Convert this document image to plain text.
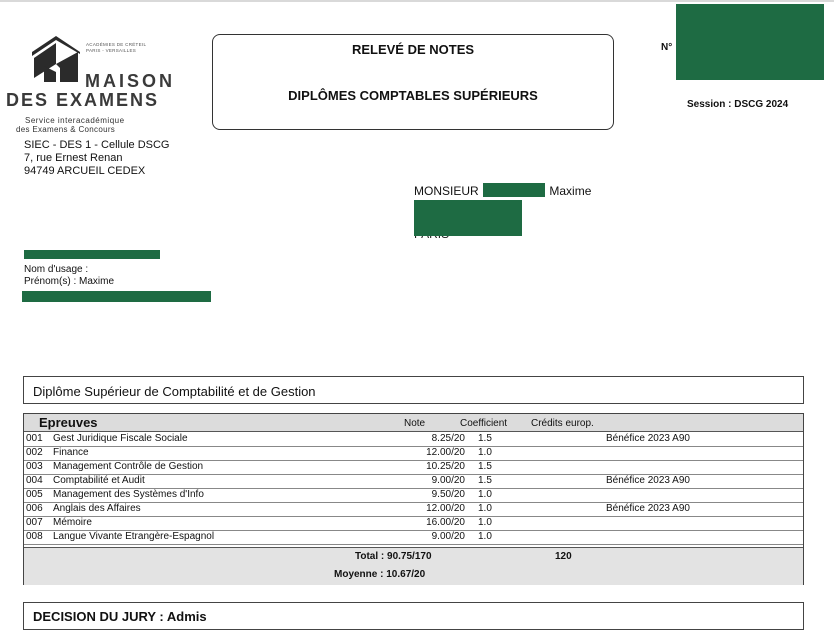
ACADÉMIES DE CRÉTEIL
PARIS - VERSAILLES
MAISON
DES EXAMENS
Service interacadémique
des Examens & Concours
SIEC - DES 1 - Cellule DSCG
7, rue Ernest Renan
94749 ARCUEIL CEDEX
RELEVÉ DE NOTES
DIPLÔMES COMPTABLES SUPÉRIEURS
N°
Session : DSCG 2024
MONSIEUR	Maxime
Nom d'usage :
Prénom(s) : Maxime
Diplôme Supérieur de Comptabilité et de Gestion
Epreuves	Note	Coefficient Crédits europ.
001 Gest Juridique Fiscale Sociale	8.25/20 1.5	Bénéfice 2023 A90
002 Finance	12.00/20 1.0
003 Management Contrôle de Gestion	10.25/20 1.5
004 Comptabilité et Audit	9.00/20 1.5	Bénéfice 2023 A90
005 Management des Systèmes d'Info	9.50/20 1.0
006 Anglais des Affaires	12.00/20 1.0	Bénéfice 2023 A90
007 Mémoire	16.00/20 1.0
008 Langue Vivante Etrangère-Espagnol	9.00/20 1.0
Total : 90.75/170	120
Moyenne : 10.67/20
DECISION DU JURY : Admis
